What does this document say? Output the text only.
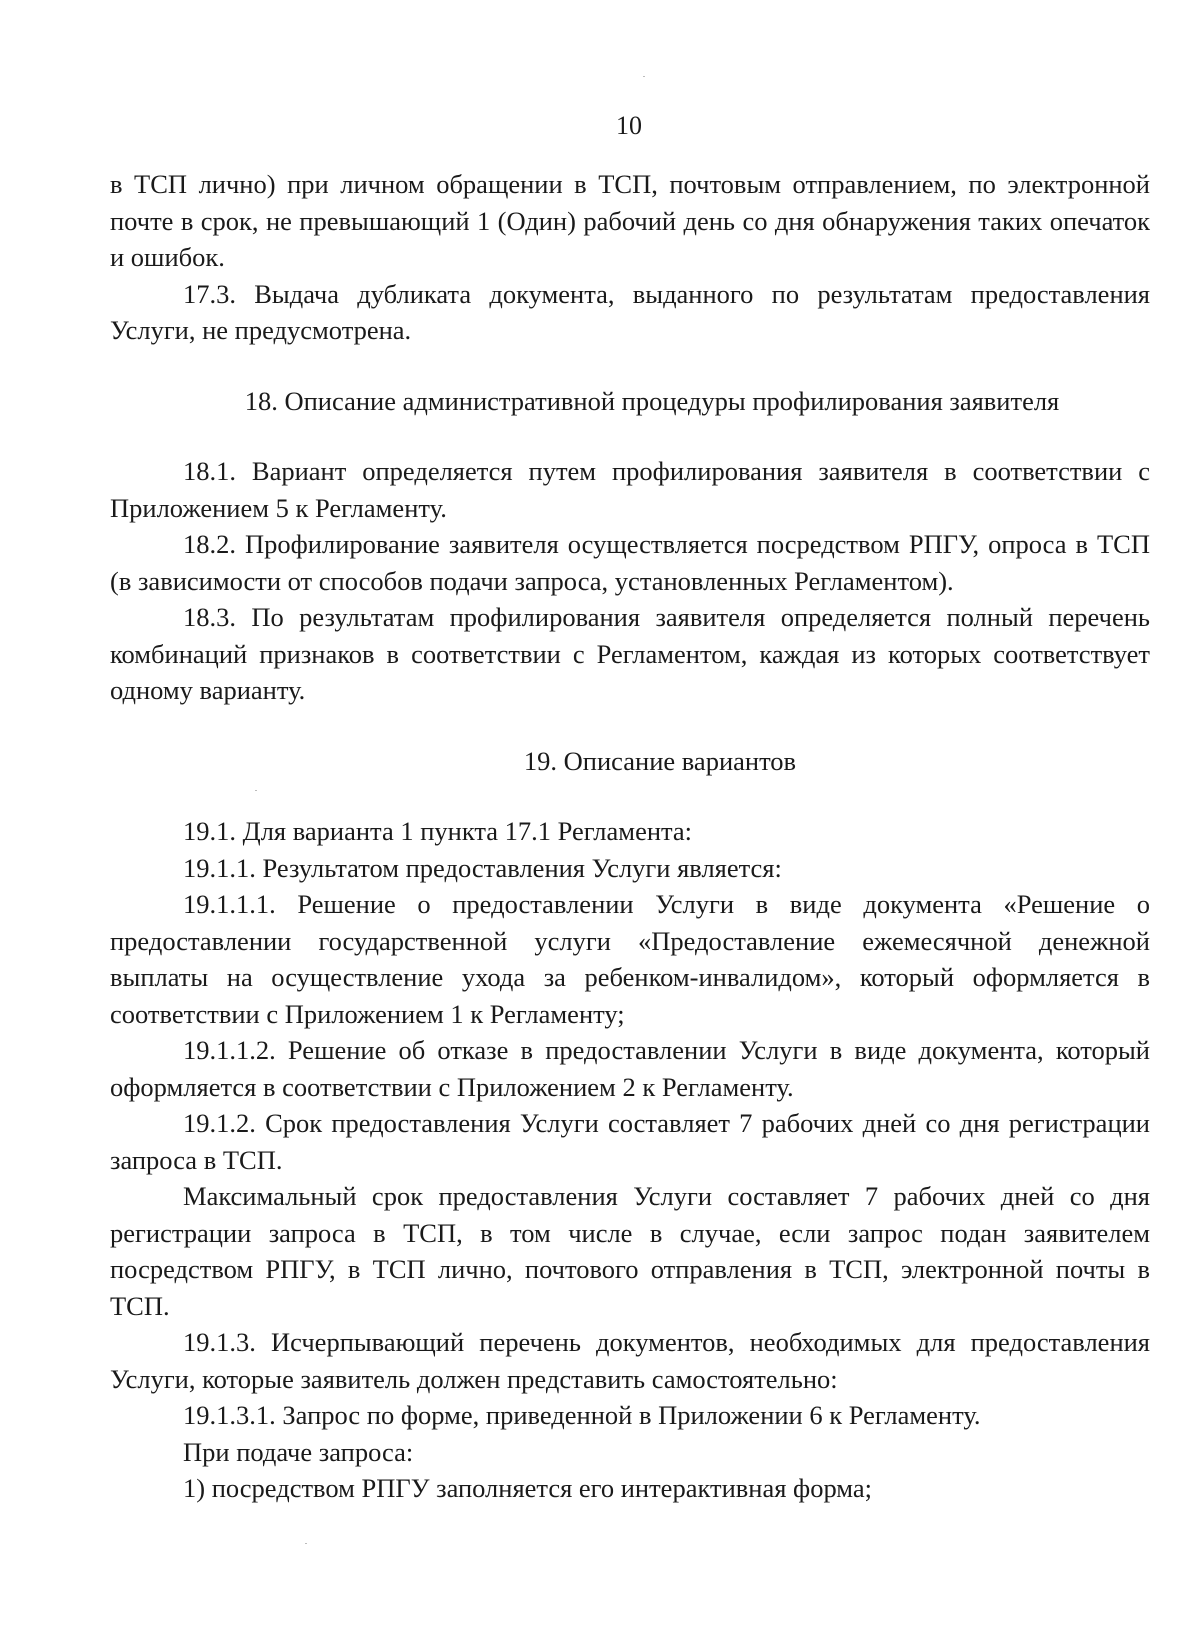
10

в ТСП лично) при личном обращении в ТСП, почтовым отправлением, по электронной почте в срок, не превышающий 1 (Один) рабочий день со дня обнаружения таких опечаток и ошибок.

17.3. Выдача дубликата документа, выданного по результатам предоставления Услуги, не предусмотрена.

18. Описание административной процедуры профилирования заявителя

18.1. Вариант определяется путем профилирования заявителя в соответствии с Приложением 5 к Регламенту.

18.2. Профилирование заявителя осуществляется посредством РПГУ, опроса в ТСП (в зависимости от способов подачи запроса, установленных Регламентом).

18.3. По результатам профилирования заявителя определяется полный перечень комбинаций признаков в соответствии с Регламентом, каждая из которых соответствует одному варианту.

19. Описание вариантов

19.1. Для варианта 1 пункта 17.1 Регламента:

19.1.1. Результатом предоставления Услуги является:

19.1.1.1. Решение о предоставлении Услуги в виде документа «Решение о предоставлении государственной услуги «Предоставление ежемесячной денежной выплаты на осуществление ухода за ребенком-инвалидом», который оформляется в соответствии с Приложением 1 к Регламенту;

19.1.1.2. Решение об отказе в предоставлении Услуги в виде документа, который оформляется в соответствии с Приложением 2 к Регламенту.

19.1.2. Срок предоставления Услуги составляет 7 рабочих дней со дня регистрации запроса в ТСП.

Максимальный срок предоставления Услуги составляет 7 рабочих дней со дня регистрации запроса в ТСП, в том числе в случае, если запрос подан заявителем посредством РПГУ, в ТСП лично, почтового отправления в ТСП, электронной почты в ТСП.

19.1.3. Исчерпывающий перечень документов, необходимых для предоставления Услуги, которые заявитель должен представить самостоятельно:

19.1.3.1. Запрос по форме, приведенной в Приложении 6 к Регламенту.

При подаче запроса:

1) посредством РПГУ заполняется его интерактивная форма;
